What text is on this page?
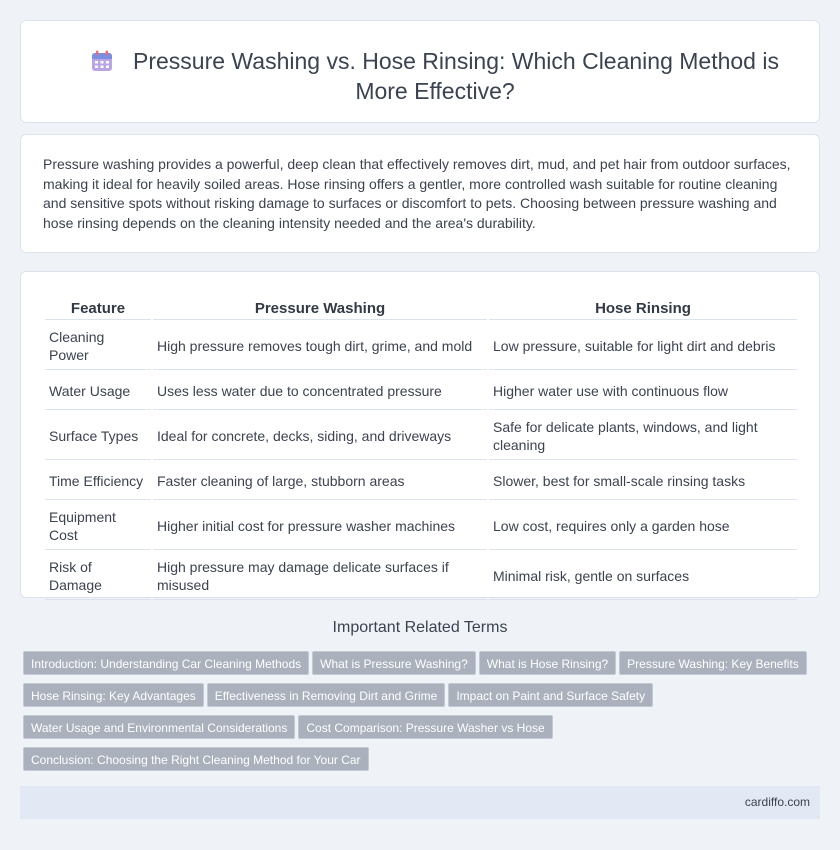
Pressure Washing vs. Hose Rinsing: Which Cleaning Method is More Effective?

Pressure washing provides a powerful, deep clean that effectively removes dirt, mud, and pet hair from outdoor surfaces, making it ideal for heavily soiled areas. Hose rinsing offers a gentler, more controlled wash suitable for routine cleaning and sensitive spots without risking damage to surfaces or discomfort to pets. Choosing between pressure washing and hose rinsing depends on the cleaning intensity needed and the area's durability.

Feature	Pressure Washing	Hose Rinsing
Cleaning Power	High pressure removes tough dirt, grime, and mold	Low pressure, suitable for light dirt and debris
Water Usage	Uses less water due to concentrated pressure	Higher water use with continuous flow
Surface Types	Ideal for concrete, decks, siding, and driveways	Safe for delicate plants, windows, and light cleaning
Time Efficiency	Faster cleaning of large, stubborn areas	Slower, best for small-scale rinsing tasks
Equipment Cost	Higher initial cost for pressure washer machines	Low cost, requires only a garden hose
Risk of Damage	High pressure may damage delicate surfaces if misused	Minimal risk, gentle on surfaces
Important Related Terms
Introduction: Understanding Car Cleaning Methods What is Pressure Washing? What is Hose Rinsing? Pressure Washing: Key Benefits
Hose Rinsing: Key Advantages Effectiveness in Removing Dirt and Grime Impact on Paint and Surface Safety
Water Usage and Environmental Considerations Cost Comparison: Pressure Washer vs Hose
Conclusion: Choosing the Right Cleaning Method for Your Car
cardiffo.com
